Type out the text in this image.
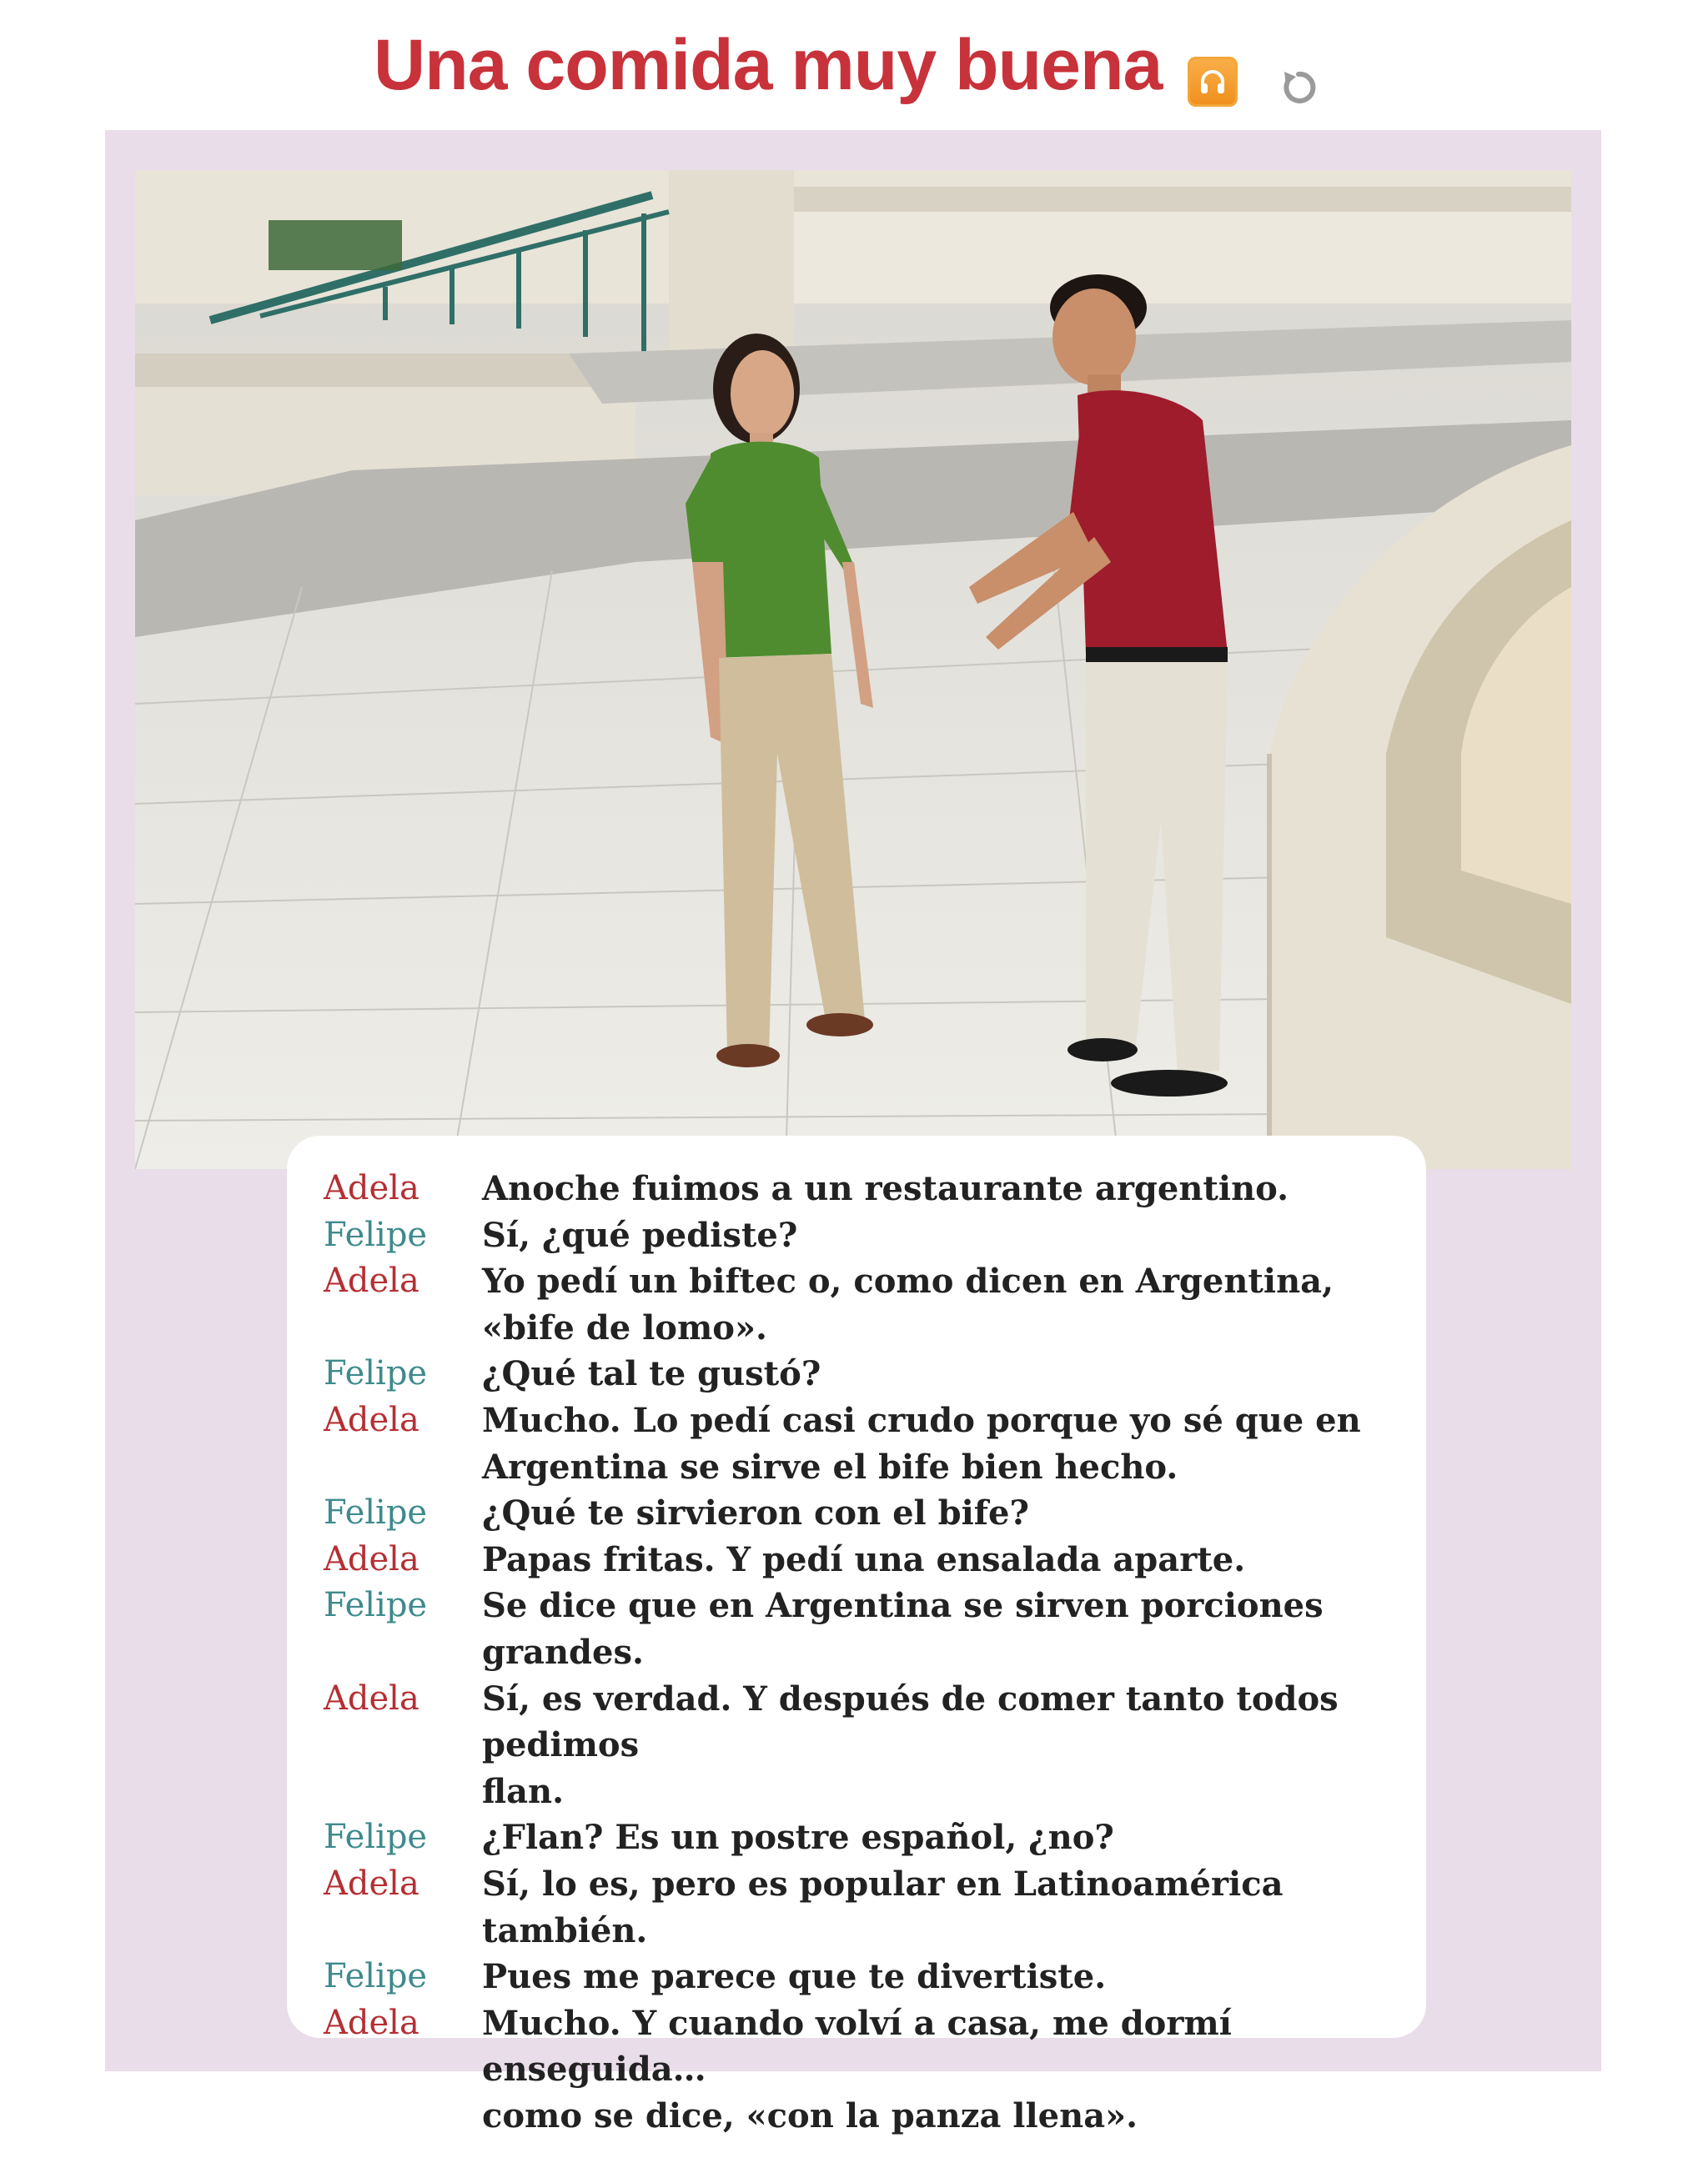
Una comida muy buena
Adela	Anoche fuimos a un restaurante argentino.
Felipe	Sí, ¿qué pediste?
Adela	Yo pedí un biftec o, como dicen en Argentina,
«bife de lomo».
Felipe	¿Qué tal te gustó?
Adela	Mucho. Lo pedí casi crudo porque yo sé que en
Argentina se sirve el bife bien hecho.
Felipe	¿Qué te sirvieron con el bife?
Adela	Papas fritas. Y pedí una ensalada aparte.
Felipe	Se dice que en Argentina se sirven porciones grandes.
Adela	Sí, es verdad. Y después de comer tanto todos pedimos
flan.
Felipe	¿Flan? Es un postre español, ¿no?
Adela	Sí, lo es, pero es popular en Latinoamérica también.
Felipe	Pues me parece que te divertiste.
Adela	Mucho. Y cuando volví a casa, me dormí enseguida…
como se dice, «con la panza llena».
